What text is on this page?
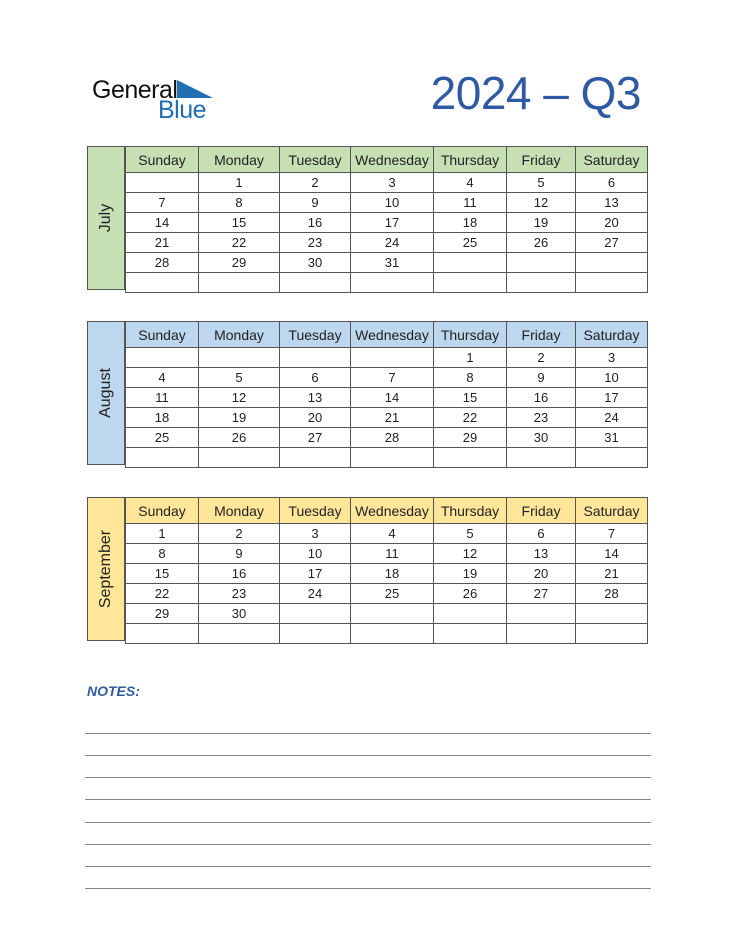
General
Blue	2024 – Q3
July
Sunday	Monday	Tuesday	Wednesday	Thursday	Friday	Saturday
	1	2	3	4	5	6
7	8	9	10	11	12	13
14	15	16	17	18	19	20
21	22	23	24	25	26	27
28	29	30	31			

August
Sunday	Monday	Tuesday	Wednesday	Thursday	Friday	Saturday
				1	2	3
4	5	6	7	8	9	10
11	12	13	14	15	16	17
18	19	20	21	22	23	24
25	26	27	28	29	30	31

September
Sunday	Monday	Tuesday	Wednesday	Thursday	Friday	Saturday
1	2	3	4	5	6	7
8	9	10	11	12	13	14
15	16	17	18	19	20	21
22	23	24	25	26	27	28
29	30					

NOTES:
